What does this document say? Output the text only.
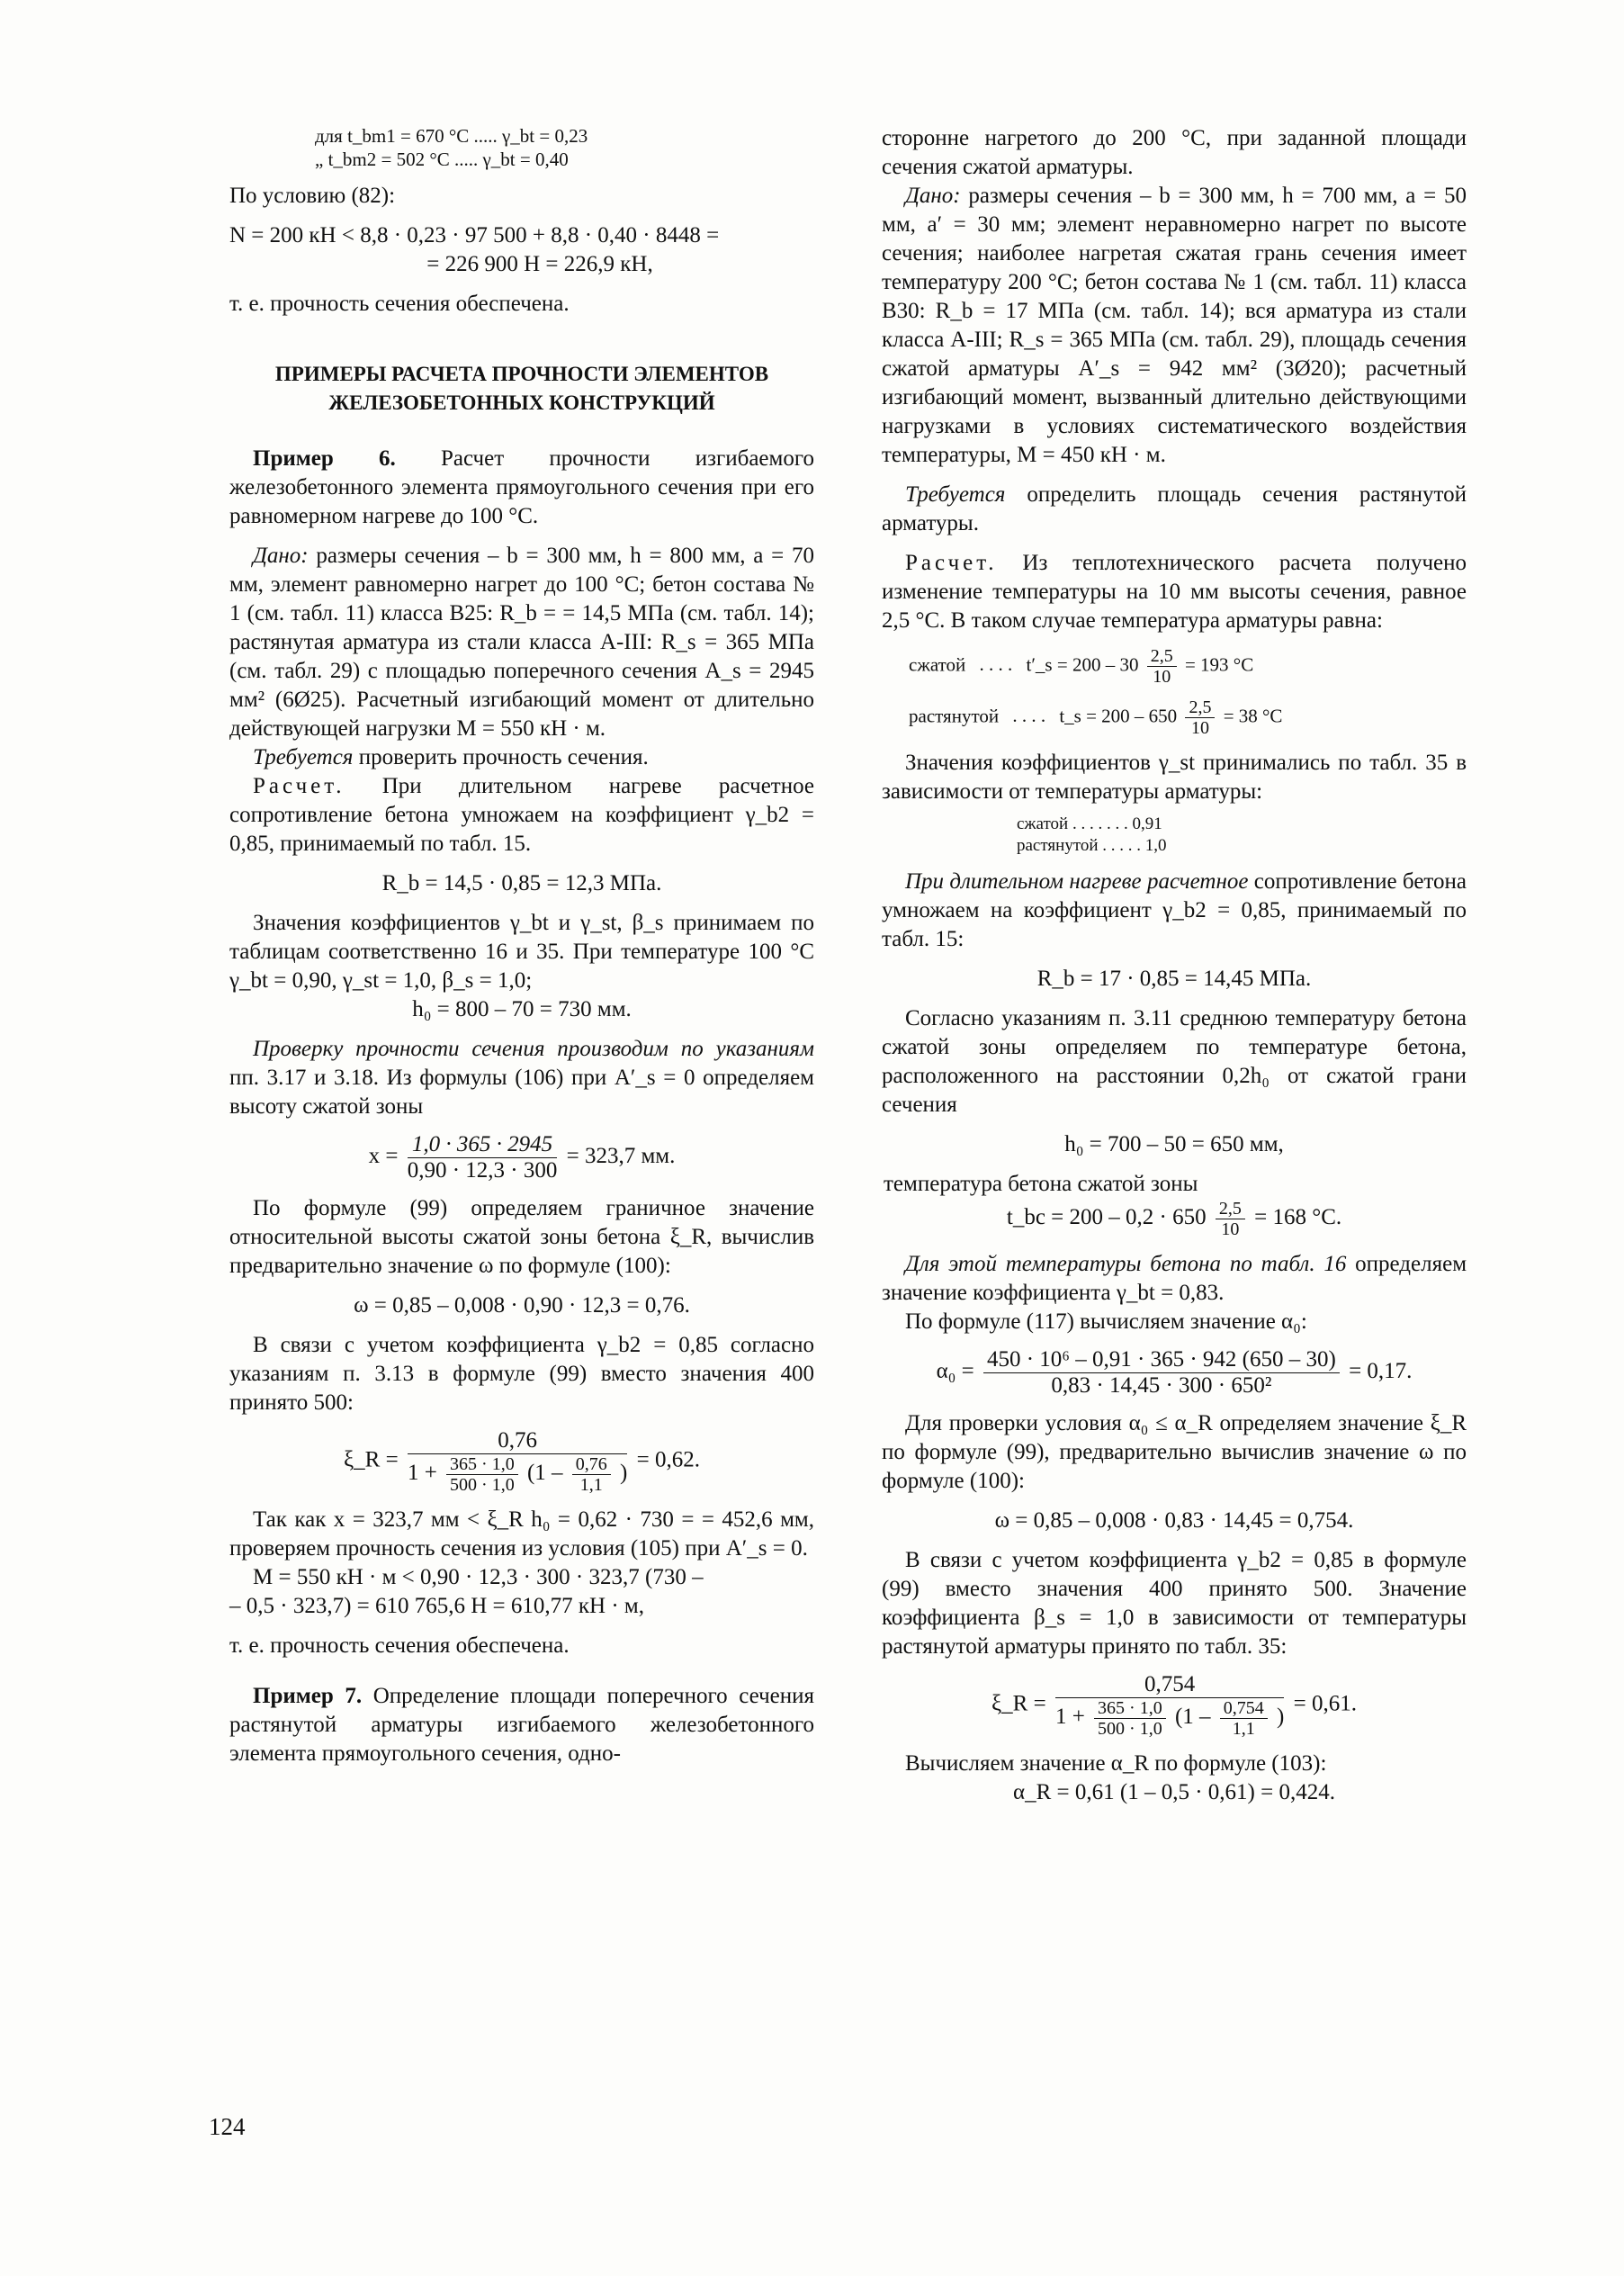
для t_bm1 = 670 °C ..... γ_bt = 0,23
„ t_bm2 = 502 °C ..... γ_bt = 0,40

По условию (82):

N = 200 кН < 8,8 · 0,23 · 97 500 + 8,8 · 0,40 · 8448 =

= 226 900 Н = 226,9 кН,

т. е. прочность сечения обеспечена.

ПРИМЕРЫ РАСЧЕТА ПРОЧНОСТИ ЭЛЕМЕНТОВ ЖЕЛЕЗОБЕТОННЫХ КОНСТРУКЦИЙ

Пример 6. Расчет прочности изгибаемого железобетонного элемента прямоугольного сечения при его равномерном нагреве до 100 °С.

Дано: размеры сечения – b = 300 мм, h = 800 мм, a = 70 мм, элемент равномерно нагрет до 100 °С; бетон состава № 1 (см. табл. 11) класса В25: R_b = = 14,5 МПа (см. табл. 14); растянутая арматура из стали класса А-III: R_s = 365 МПа (см. табл. 29) с площадью поперечного сечения A_s = 2945 мм² (6Ø25). Расчетный изгибающий момент от длительно действующей нагрузки M = 550 кН · м.

Требуется проверить прочность сечения.

Расчет. При длительном нагреве расчетное сопротивление бетона умножаем на коэффициент γ_b2 = 0,85, принимаемый по табл. 15.

R_b = 14,5 · 0,85 = 12,3 МПа.

Значения коэффициентов γ_bt и γ_st, β_s принимаем по таблицам соответственно 16 и 35. При температуре 100 °С γ_bt = 0,90, γ_st = 1,0, β_s = 1,0;

h₀ = 800 – 70 = 730 мм.

Проверку прочности сечения производим по указаниям пп. 3.17 и 3.18. Из формулы (106) при A′_s = 0 определяем высоту сжатой зоны

$x = \frac{1,0 \cdot 365 \cdot 2945}{0,90 \cdot 12,3 \cdot 300} = 323,7$ мм.

По формуле (99) определяем граничное значение относительной высоты сжатой зоны бетона ξ_R, вычислив предварительно значение ω по формуле (100):

ω = 0,85 – 0,008 · 0,90 · 12,3 = 0,76.

В связи с учетом коэффициента γ_b2 = 0,85 согласно указаниям п. 3.13 в формуле (99) вместо значения 400 принято 500:

ξ_R =
0,76
$1 + \frac{365 \cdot 1,0}{500 \cdot 1,0} (1 - \frac{0,76}{1,1}$ )
= 0,62.

Так как x = 323,7 мм < ξ_R h₀ = 0,62 · 730 = = 452,6 мм, проверяем прочность сечения из условия (105) при A′_s = 0.

M = 550 кН · м < 0,90 · 12,3 · 300 · 323,7 (730 –

– 0,5 · 323,7) = 610 765,6 Н = 610,77 кН · м,

т. е. прочность сечения обеспечена.

Пример 7. Определение площади поперечного сечения растянутой арматуры изгибаемого железобетонного элемента прямоугольного сечения, одно-

сторонне нагретого до 200 °С, при заданной площади сечения сжатой арматуры.

Дано: размеры сечения – b = 300 мм, h = 700 мм, a = 50 мм, a′ = 30 мм; элемент неравномерно нагрет по высоте сечения; наиболее нагретая сжатая грань сечения имеет температуру 200 °С; бетон состава № 1 (см. табл. 11) класса В30: R_b = 17 МПа (см. табл. 14); вся арматура из стали класса А-III; R_s = 365 МПа (см. табл. 29), площадь сечения сжатой арматуры A′_s = 942 мм² (3Ø20); расчетный изгибающий момент, вызванный длительно действующими нагрузками в условиях систематического воздействия температуры, M = 450 кН · м.

Требуется определить площадь сечения растянутой арматуры.

Расчет. Из теплотехнического расчета получено изменение температуры на 10 мм высоты сечения, равное 2,5 °С. В таком случае температура арматуры равна:

сжатой . . . . t′_s = $200 - 30 \frac{2,5}{10} = 193$ °С
растянутой . . . . t_s = $200 - 650 \frac{2,5}{10} = 38$ °С

Значения коэффициентов γ_st принимались по табл. 35 в зависимости от температуры арматуры:

сжатой . . . . . . . 0,91
растянутой . . . . . 1,0

При длительном нагреве расчетное сопротивление бетона умножаем на коэффициент γ_b2 = 0,85, принимаемый по табл. 15:

R_b = 17 · 0,85 = 14,45 МПа.

Согласно указаниям п. 3.11 среднюю температуру бетона сжатой зоны определяем по температуре бетона, расположенного на расстоянии 0,2h₀ от сжатой грани сечения

h₀ = 700 – 50 = 650 мм,

температура бетона сжатой зоны

t_bc = $200 - 0,2 \cdot 650 \frac{2,5}{10} = 168$ °С.

Для этой температуры бетона по табл. 16 определяем значение коэффициента γ_bt = 0,83.

По формуле (117) вычисляем значение α₀:

$\alpha_0 = \frac{\text{450 · 10⁶ – 0,91 · 365 · 942 (650 – 30)}}{\text{0,83 · 14,45 · 300 · 650²}} = 0,17$.

Для проверки условия α₀ ≤ α_R определяем значение ξ_R по формуле (99), предварительно вычислив значение ω по формуле (100):

ω = 0,85 – 0,008 · 0,83 · 14,45 = 0,754.

В связи с учетом коэффициента γ_b2 = 0,85 в формуле (99) вместо значения 400 принято 500. Значение коэффициента β_s = 1,0 в зависимости от температуры растянутой арматуры принято по табл. 35:

ξ_R =
0,754
$1 + \frac{365 \cdot 1,0}{500 \cdot 1,0} (1 - \frac{0,754}{1,1}$ )
= 0,61.

Вычисляем значение α_R по формуле (103):

α_R = 0,61 (1 – 0,5 · 0,61) = 0,424.

124
